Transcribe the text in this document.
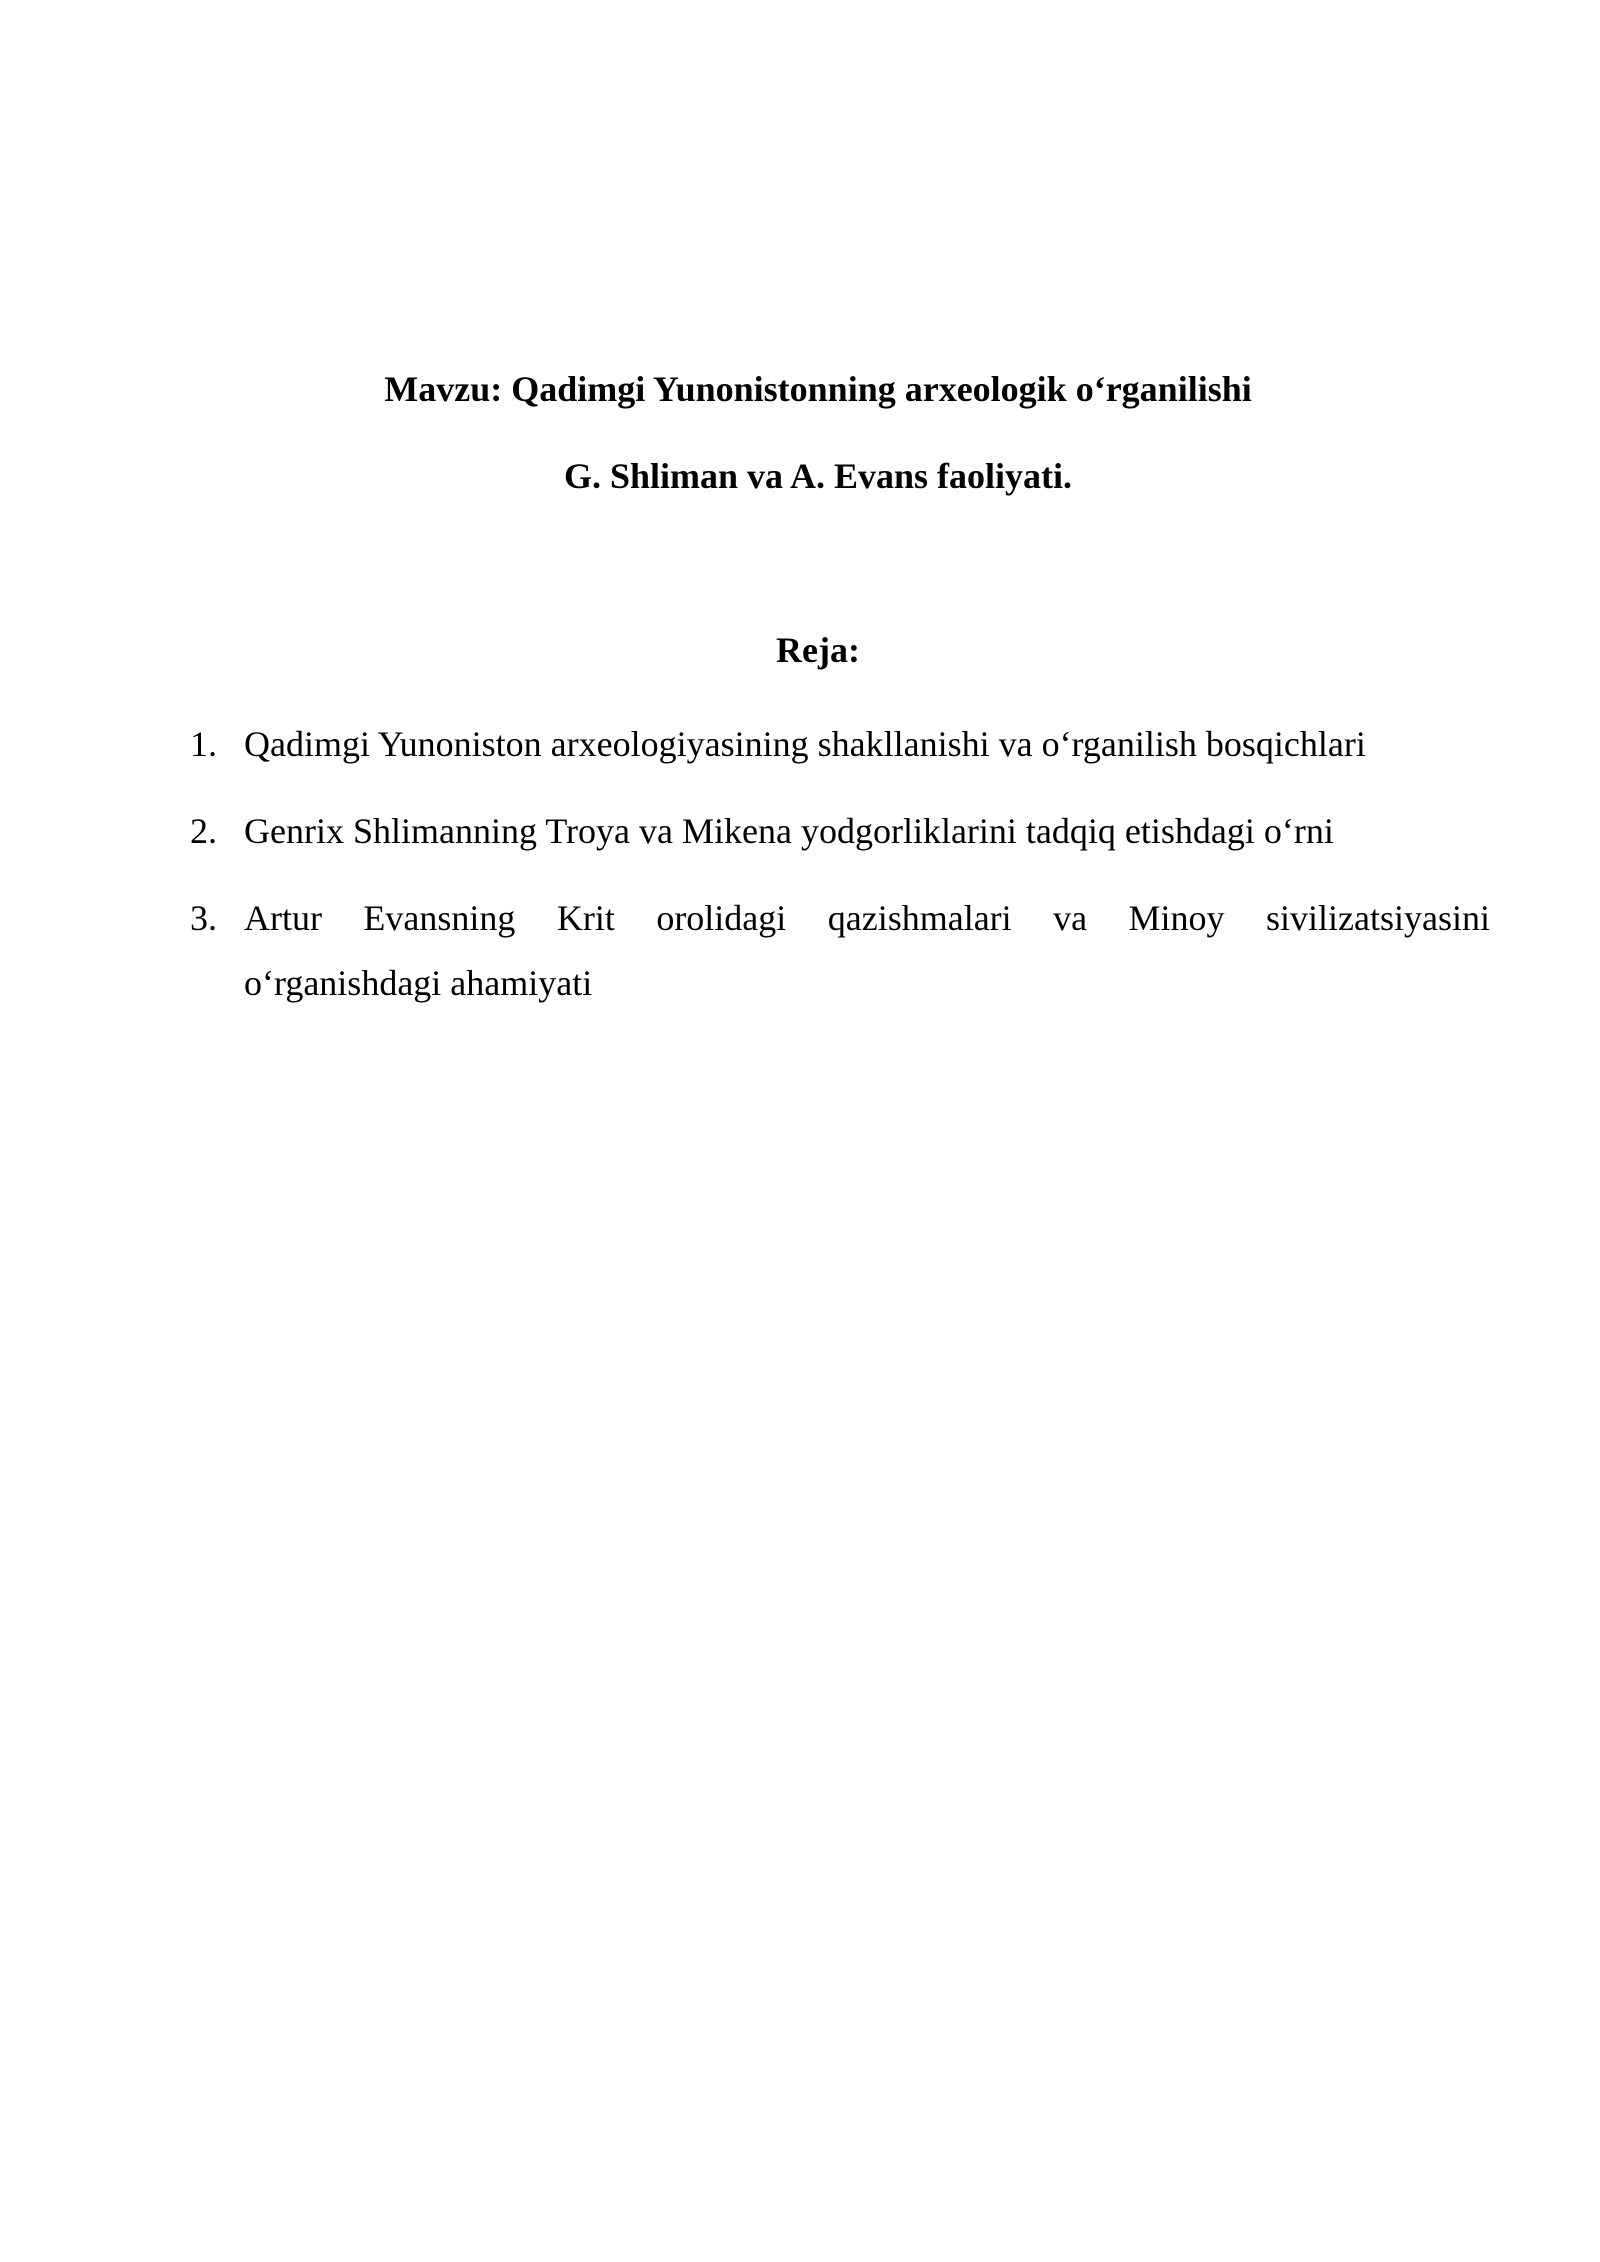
Mavzu: Qadimgi Yunonistonning arxeologik o‘rganilishi
G. Shliman va A. Evans faoliyati.
Reja:
1. Qadimgi Yunoniston arxeologiyasining shakllanishi va o‘rganilish bosqichlari
2. Genrix Shlimanning Troya va Mikena yodgorliklarini tadqiq etishdagi o‘rni
3. Artur Evansning Krit orolidagi qazishmalari va Minoy sivilizatsiyasini
o‘rganishdagi ahamiyati
